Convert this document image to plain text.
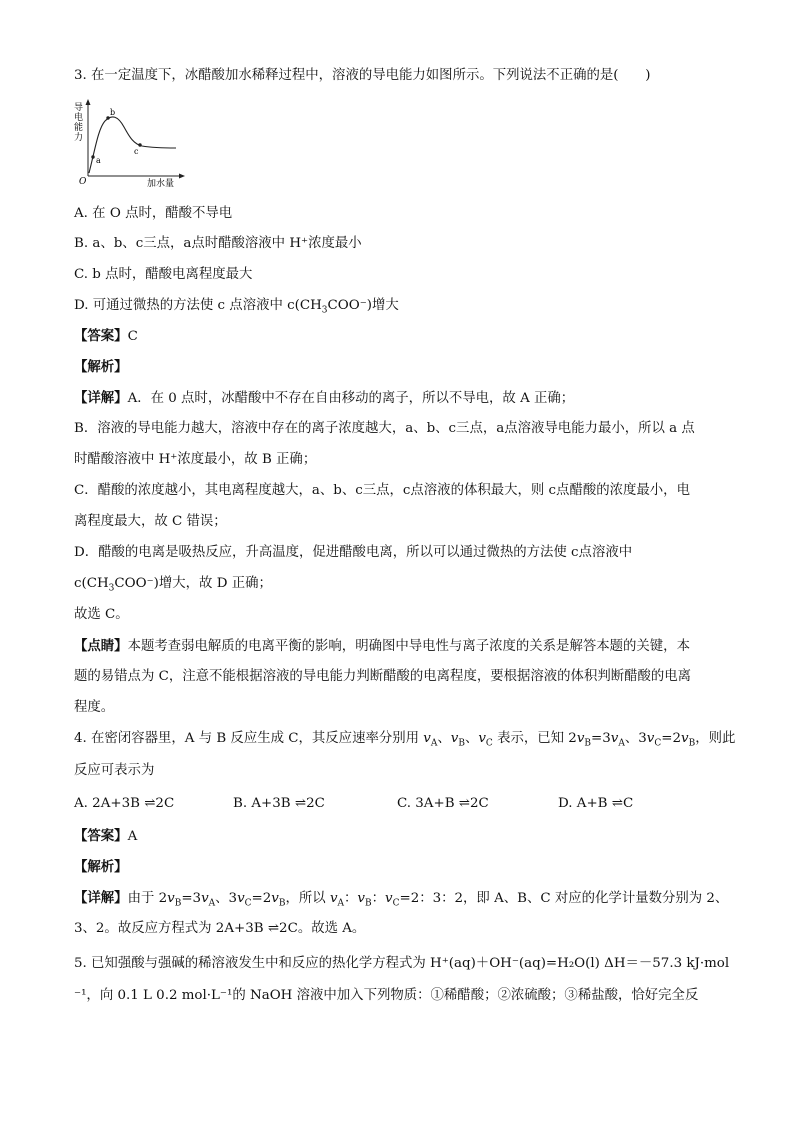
3. 在一定温度下，冰醋酸加水稀释过程中，溶液的导电能力如图所示。下列说法不正确的是(　　)
导
电
能
力
a
b
c
O	加水量
A. 在 O 点时，醋酸不导电
B. a、b、c三点，a点时醋酸溶液中 H⁺浓度最小
C. b 点时，醋酸电离程度最大
D. 可通过微热的方法使 c 点溶液中 $c(CH_3COO^-)$增大
【答案】C
【解析】
【详解】A．在 0 点时，冰醋酸中不存在自由移动的离子，所以不导电，故 A 正确；
B．溶液的导电能力越大，溶液中存在的离子浓度越大，a、b、c三点，a点溶液导电能力最小，所以 a 点
时醋酸溶液中 H⁺浓度最小，故 B 正确；
C．醋酸的浓度越小，其电离程度越大，a、b、c三点，c点溶液的体积最大，则 c点醋酸的浓度最小，电
离程度最大，故 C 错误；
D．醋酸的电离是吸热反应，升高温度，促进醋酸电离，所以可以通过微热的方法使 c点溶液中
$c(CH_3COO^-)$增大，故 D 正确；
故选 C。
【点睛】本题考查弱电解质的电离平衡的影响，明确图中导电性与离子浓度的关系是解答本题的关键，本
题的易错点为 C，注意不能根据溶液的导电能力判断醋酸的电离程度，要根据溶液的体积判断醋酸的电离
程度。
4. 在密闭容器里，A 与 B 反应生成 C，其反应速率分别用 $v_A$、$v_B$、$v_C$ 表示，已知 $2v_B=3v_A$、$3v_C=2v_B$，则此
反应可表示为
A. 2A+3B ⇌2C	B. A+3B ⇌2C	C. 3A+B ⇌2C	D. A+B ⇌C
【答案】A
【解析】
【详解】由于 $2v_B=3v_A$、$3v_C=2v_B$，所以 $v_A$：$v_B$：$v_C=2$：3：2，即 A、B、C 对应的化学计量数分别为 2、
3、2。故反应方程式为 2A+3B ⇌2C。故选 A。
5. 已知强酸与强碱的稀溶液发生中和反应的热化学方程式为 H⁺(aq)＋OH⁻(aq)=H₂O(l) ΔH＝－57.3 kJ·mol
⁻¹，向 0.1 L 0.2 mol·L⁻¹的 NaOH 溶液中加入下列物质：①稀醋酸；②浓硫酸；③稀盐酸，恰好完全反
